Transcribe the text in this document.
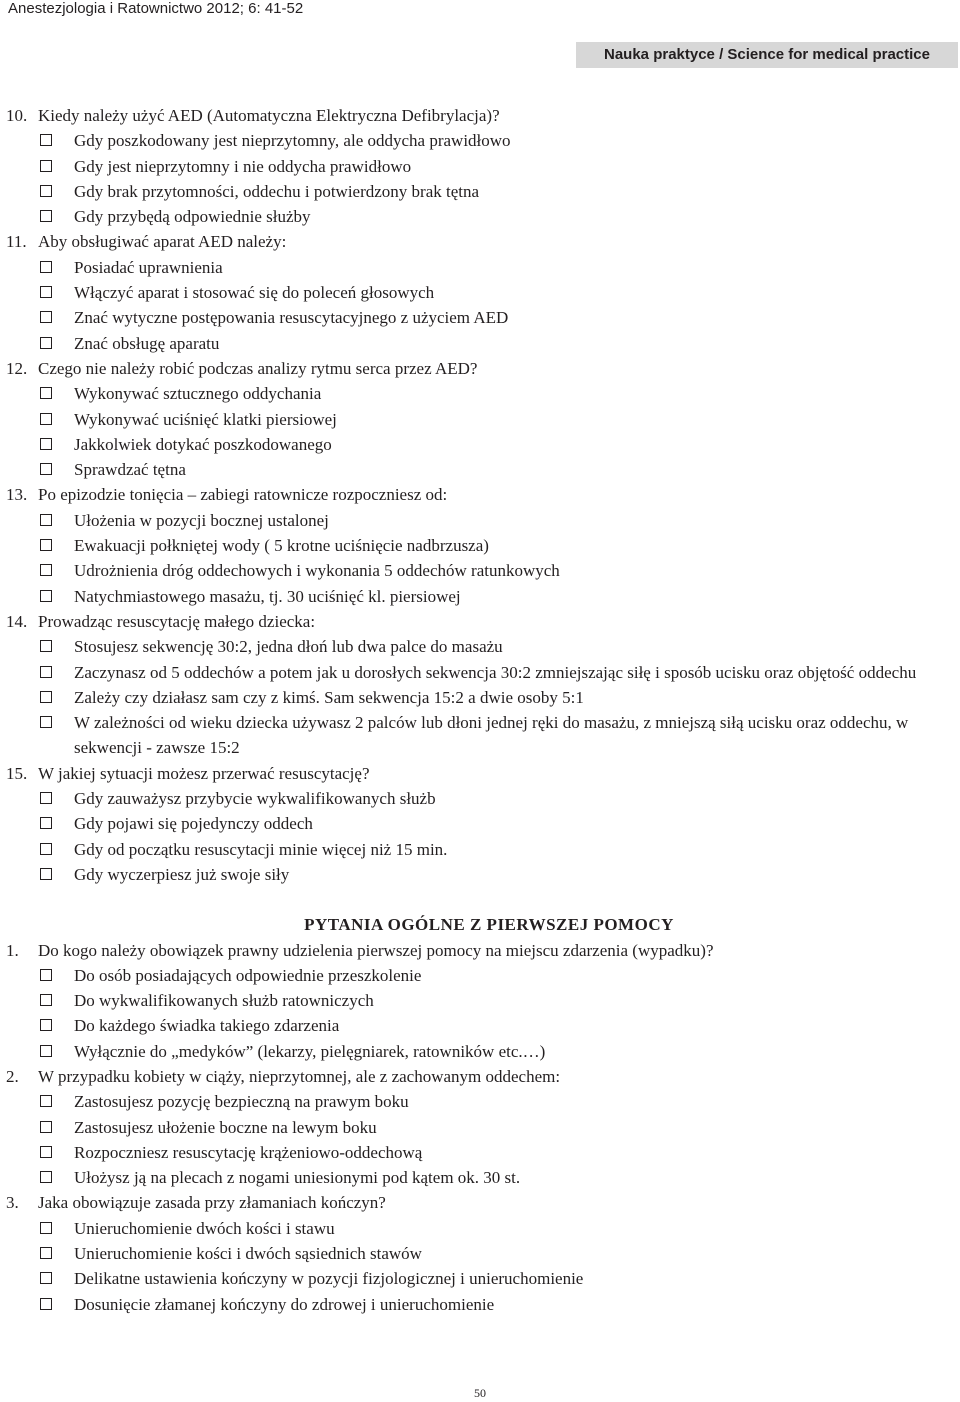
Anestezjologia i Ratownictwo 2012; 6: 41-52
Nauka praktyce / Science for medical practice
10. Kiedy należy użyć AED (Automatyczna Elektryczna Defibrylacja)?
Gdy poszkodowany jest nieprzytomny, ale oddycha prawidłowo
Gdy jest nieprzytomny i nie oddycha prawidłowo
Gdy brak przytomności, oddechu i potwierdzony brak tętna
Gdy przybędą odpowiednie służby
11. Aby obsługiwać aparat AED należy:
Posiadać uprawnienia
Włączyć aparat i stosować się do poleceń głosowych
Znać wytyczne postępowania resuscytacyjnego z użyciem AED
Znać obsługę aparatu
12. Czego nie należy robić podczas analizy rytmu serca przez AED?
Wykonywać sztucznego oddychania
Wykonywać uciśnięć klatki piersiowej
Jakkolwiek dotykać poszkodowanego
Sprawdzać tętna
13. Po epizodzie tonięcia – zabiegi ratownicze rozpoczniesz od:
Ułożenia w pozycji bocznej ustalonej
Ewakuacji połkniętej wody ( 5 krotne uciśnięcie nadbrzusza)
Udrożnienia dróg oddechowych i wykonania 5 oddechów ratunkowych
Natychmiastowego masażu, tj. 30 uciśnięć kl. piersiowej
14. Prowadząc resuscytację małego dziecka:
Stosujesz sekwencję 30:2, jedna dłoń lub dwa palce do masażu
Zaczynasz od 5 oddechów a potem jak u dorosłych sekwencja 30:2 zmniejszając siłę i sposób ucisku oraz objętość oddechu
Zależy czy działasz sam czy z kimś. Sam sekwencja 15:2 a dwie osoby 5:1
W zależności od wieku dziecka używasz 2 palców lub dłoni jednej ręki do masażu, z mniejszą siłą ucisku oraz oddechu, w sekwencji - zawsze 15:2
15. W jakiej sytuacji możesz przerwać resuscytację?
Gdy zauważysz przybycie wykwalifikowanych służb
Gdy pojawi się pojedynczy oddech
Gdy od początku resuscytacji minie więcej niż 15 min.
Gdy wyczerpiesz już swoje siły
PYTANIA OGÓLNE Z PIERWSZEJ POMOCY
1. Do kogo należy obowiązek prawny udzielenia pierwszej pomocy na miejscu zdarzenia (wypadku)?
Do osób posiadających odpowiednie przeszkolenie
Do wykwalifikowanych służb ratowniczych
Do każdego świadka takiego zdarzenia
Wyłącznie do „medyków” (lekarzy, pielęgniarek, ratowników etc.…)
2. W przypadku kobiety w ciąży, nieprzytomnej, ale z zachowanym oddechem:
Zastosujesz pozycję bezpieczną na prawym boku
Zastosujesz ułożenie boczne na lewym boku
Rozpoczniesz resuscytację krążeniowo-oddechową
Ułożysz ją na plecach z nogami uniesionymi pod kątem ok. 30 st.
3. Jaka obowiązuje zasada przy złamaniach kończyn?
Unieruchomienie dwóch kości i stawu
Unieruchomienie kości i dwóch sąsiednich stawów
Delikatne ustawienia kończyny w pozycji fizjologicznej i unieruchomienie
Dosunięcie złamanej kończyny do zdrowej i unieruchomienie
50
